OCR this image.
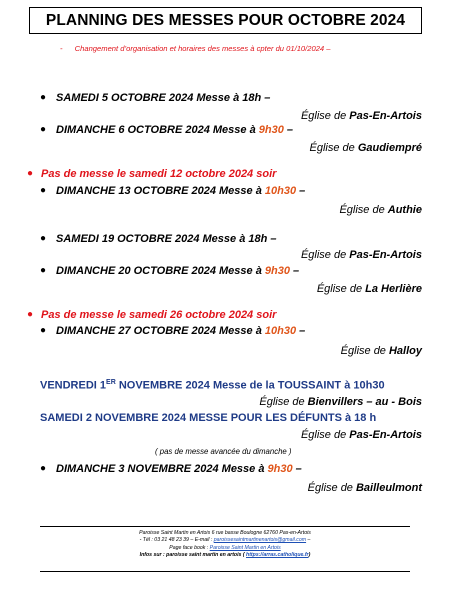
PLANNING DES MESSES POUR OCTOBRE 2024
- Changement d’organisation et horaires des messes à cpter du 01/10/2024 –
● SAMEDI 5 OCTOBRE 2024 Messe à 18h –
Église de Pas-En-Artois
● DIMANCHE 6 OCTOBRE 2024 Messe à 9h30 –
Église de Gaudiempré
● Pas de messe le samedi 12 octobre 2024 soir
● DIMANCHE 13 OCTOBRE 2024 Messe à 10h30 –
Église de Authie
● SAMEDI 19 OCTOBRE 2024 Messe à 18h –
Église de Pas-En-Artois
● DIMANCHE 20 OCTOBRE 2024 Messe à 9h30 –
Église de La Herlière
● Pas de messe le samedi 26 octobre 2024 soir
● DIMANCHE 27 OCTOBRE 2024 Messe à 10h30 –
Église de Halloy
VENDREDI 1ER NOVEMBRE 2024 Messe de la TOUSSAINT à 10h30
Église de Bienvillers – au - Bois
SAMEDI 2 NOVEMBRE 2024 MESSE POUR LES DÉFUNTS à 18 h
Église de Pas-En-Artois
( pas de messe avancée du dimanche )
● DIMANCHE 3 NOVEMBRE 2024 Messe à 9h30 –
Église de Bailleulmont
Paroisse Saint Martin en Artois 6 rue basse Boulogne 62760 Pas-en-Artois
- Tél : 03 21 48 23 39 – E-mail : paroissesaintmartinenartois@gmail.com –
Page face book : Paroisse Saint Martin en Artois
Infos sur : paroisse saint martin en artois ( https://arras.catholique.fr)
